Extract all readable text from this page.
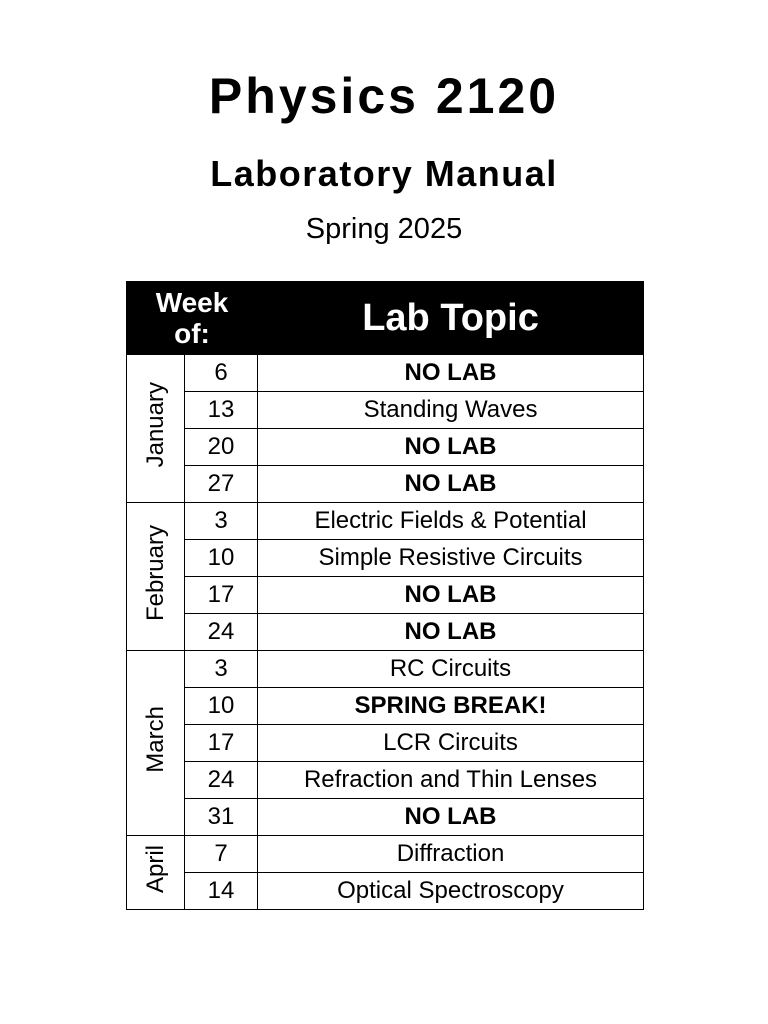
Physics 2120
Laboratory Manual
Spring 2025
Week
of:		Lab Topic
January	6	NO LAB
	13	Standing Waves
	20	NO LAB
	27	NO LAB
February	3	Electric Fields & Potential
	10	Simple Resistive Circuits
	17	NO LAB
	24	NO LAB
March	3	RC Circuits
	10	SPRING BREAK!
	17	LCR Circuits
	24	Refraction and Thin Lenses
	31	NO LAB
April	7	Diffraction
	14	Optical Spectroscopy
